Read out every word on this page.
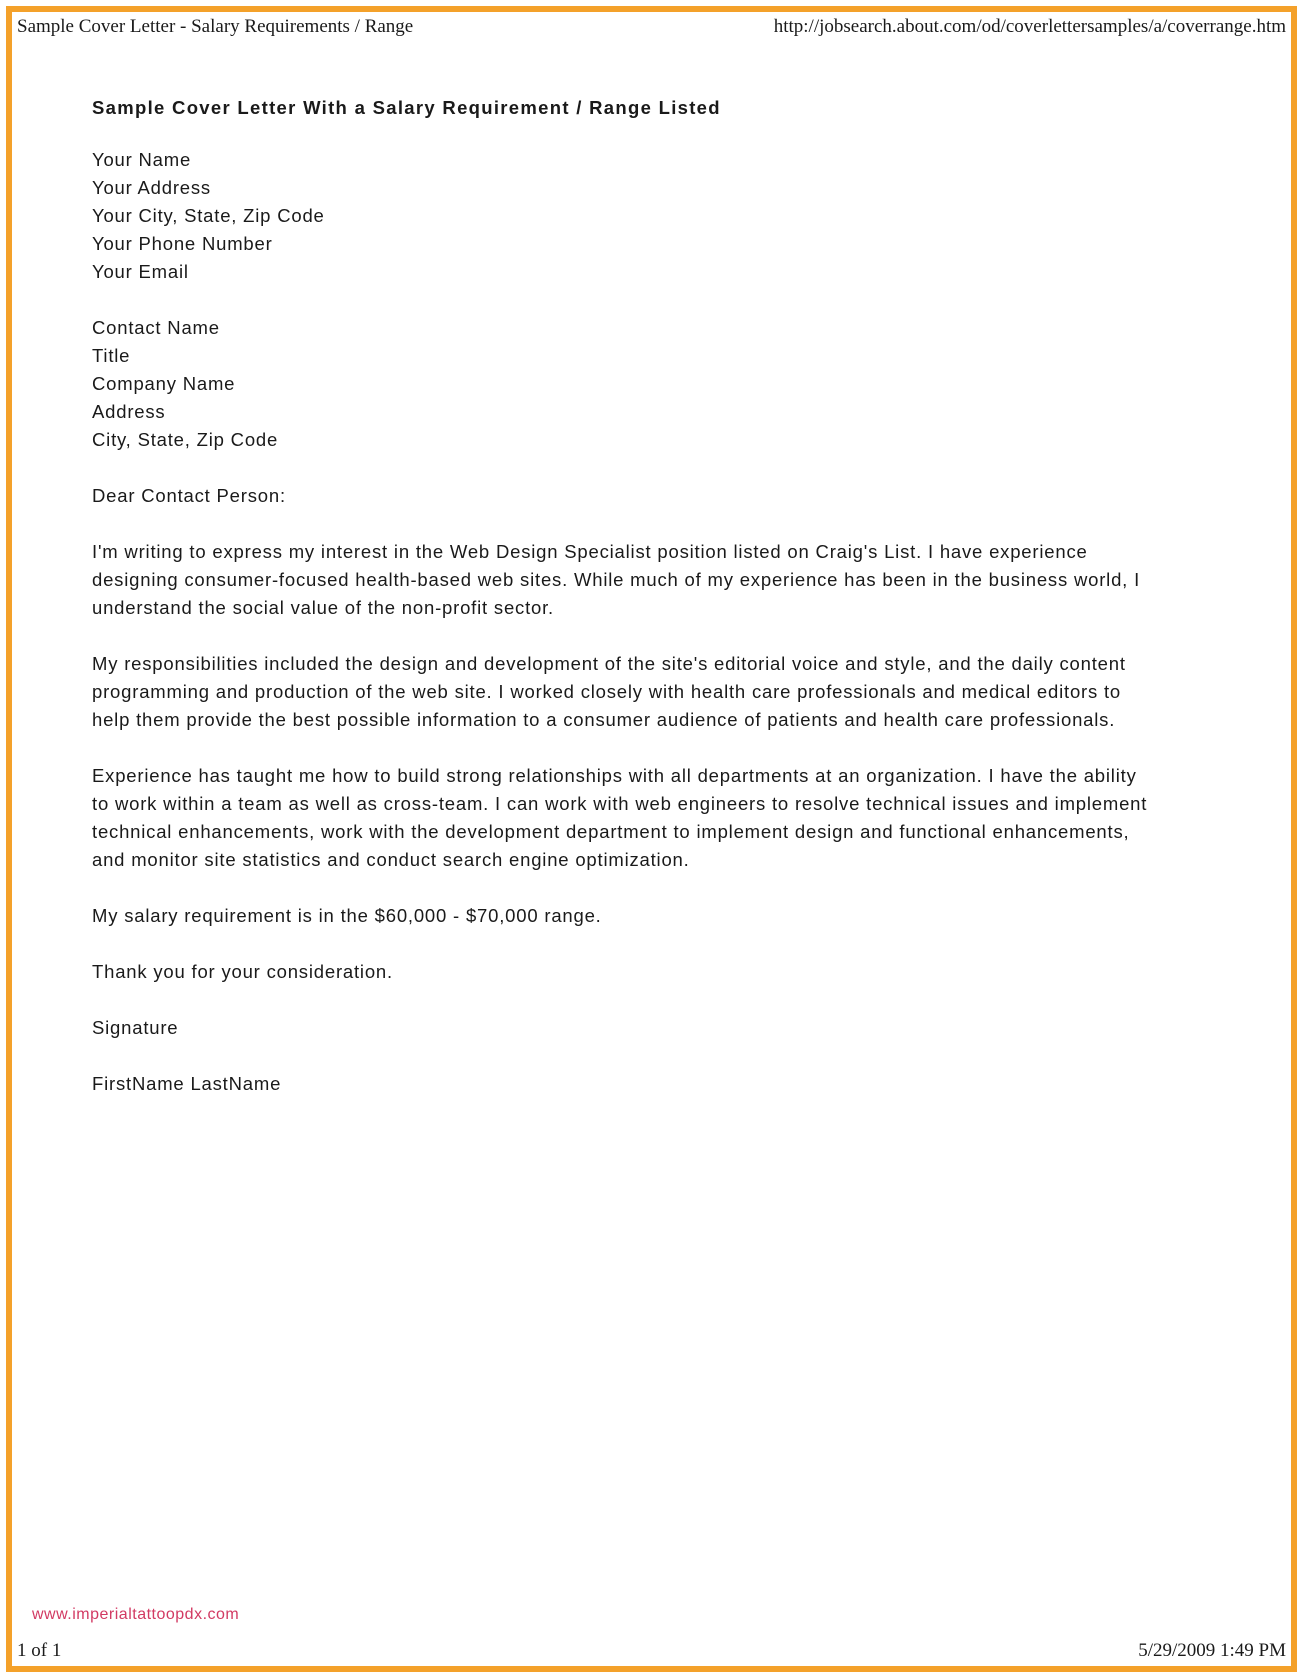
Sample Cover Letter - Salary Requirements / Range	http://jobsearch.about.com/od/coverlettersamples/a/coverrange.htm
Sample Cover Letter With a Salary Requirement / Range Listed
Your Name
Your Address
Your City, State, Zip Code
Your Phone Number
Your Email
Contact Name
Title
Company Name
Address
City, State, Zip Code

Dear Contact Person:

I'm writing to express my interest in the Web Design Specialist position listed on Craig's List. I have experience
designing consumer-focused health-based web sites. While much of my experience has been in the business world, I
understand the social value of the non-profit sector.

My responsibilities included the design and development of the site's editorial voice and style, and the daily content
programming and production of the web site. I worked closely with health care professionals and medical editors to
help them provide the best possible information to a consumer audience of patients and health care professionals.

Experience has taught me how to build strong relationships with all departments at an organization. I have the ability
to work within a team as well as cross-team. I can work with web engineers to resolve technical issues and implement
technical enhancements, work with the development department to implement design and functional enhancements,
and monitor site statistics and conduct search engine optimization.

My salary requirement is in the $60,000 - $70,000 range.

Thank you for your consideration.

Signature

FirstName LastName

1 of 1	5/29/2009 1:49 PM
www.imperialtattoopdx.com
